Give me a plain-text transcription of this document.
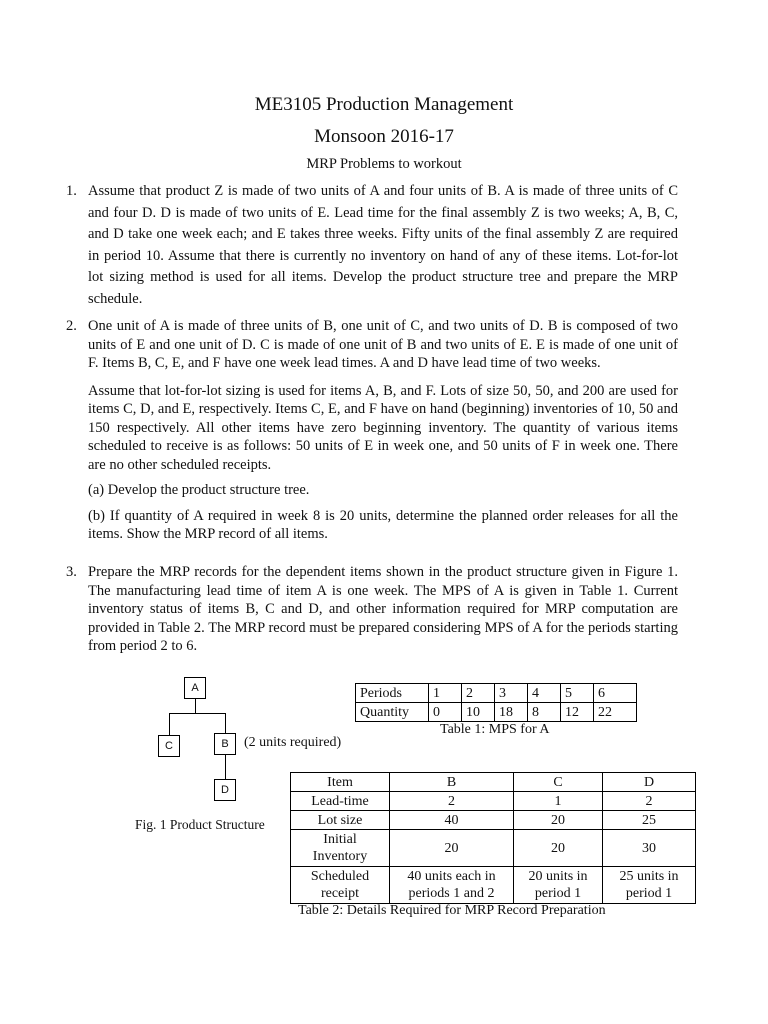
ME3105 Production Management
Monsoon 2016-17
MRP Problems to workout
1. Assume that product Z is made of two units of A and four units of B. A is made of three units of C and four D. D is made of two units of E. Lead time for the final assembly Z is two weeks; A, B, C, and D take one week each; and E takes three weeks. Fifty units of the final assembly Z are required in period 10. Assume that there is currently no inventory on hand of any of these items. Lot-for-lot lot sizing method is used for all items. Develop the product structure tree and prepare the MRP schedule.

2. One unit of A is made of three units of B, one unit of C, and two units of D. B is composed of two units of E and one unit of D. C is made of one unit of B and two units of E. E is made of one unit of F. Items B, C, E, and F have one week lead times. A and D have lead time of two weeks.

Assume that lot-for-lot sizing is used for items A, B, and F. Lots of size 50, 50, and 200 are used for items C, D, and E, respectively. Items C, E, and F have on hand (beginning) inventories of 10, 50 and 150 respectively. All other items have zero beginning inventory. The quantity of various items scheduled to receive is as follows: 50 units of E in week one, and 50 units of F in week one. There are no other scheduled receipts.

(a) Develop the product structure tree.

(b) If quantity of A required in week 8 is 20 units, determine the planned order releases for all the items. Show the MRP record of all items.

3. Prepare the MRP records for the dependent items shown in the product structure given in Figure 1. The manufacturing lead time of item A is one week. The MPS of A is given in Table 1. Current inventory status of items B, C and D, and other information required for MRP computation are provided in Table 2. The MRP record must be prepared considering MPS of A for the periods starting from period 2 to 6.

A
C	B
D
(2 units required)
Fig. 1 Product Structure
Periods	1	2	3	4	5	6
Quantity	0	10	18	8	12	22
Table 1: MPS for A
Item	B	C	D
Lead-time	2	1	2
Lot size	40	20	25
Initial Inventory	20	20	30
Scheduled receipt	40 units each in periods 1 and 2	20 units in period 1	25 units in period 1
Table 2: Details Required for MRP Record Preparation
